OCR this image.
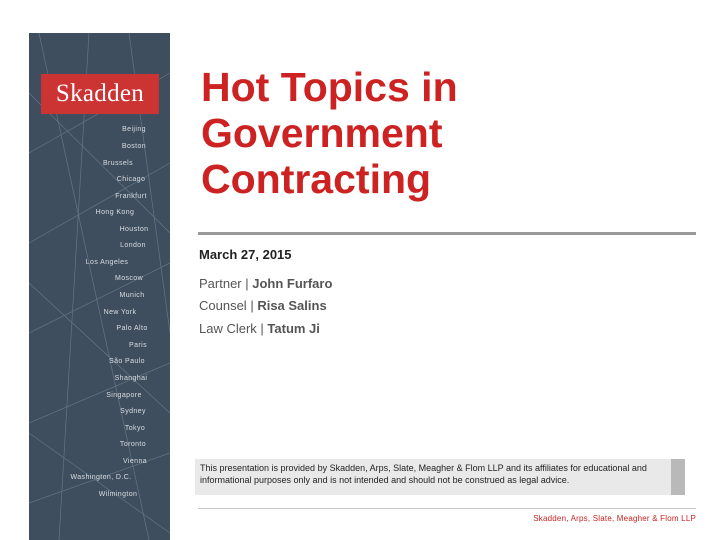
Skadden
Beijing
Boston
Brussels
Chicago
Frankfurt
Hong Kong
Houston
London
Los Angeles
Moscow
Munich
New York
Palo Alto
Paris
São Paulo
Shanghai
Singapore
Sydney
Tokyo
Toronto
Vienna
Washington, D.C.
Wilmington
Hot Topics in Government Contracting
March 27, 2015
Partner | John Furfaro
Counsel | Risa Salins
Law Clerk | Tatum Ji
This presentation is provided by Skadden, Arps, Slate, Meagher & Flom LLP and its affiliates for educational and informational purposes only and is not intended and should not be construed as legal advice.
Skadden, Arps, Slate, Meagher & Flom LLP
